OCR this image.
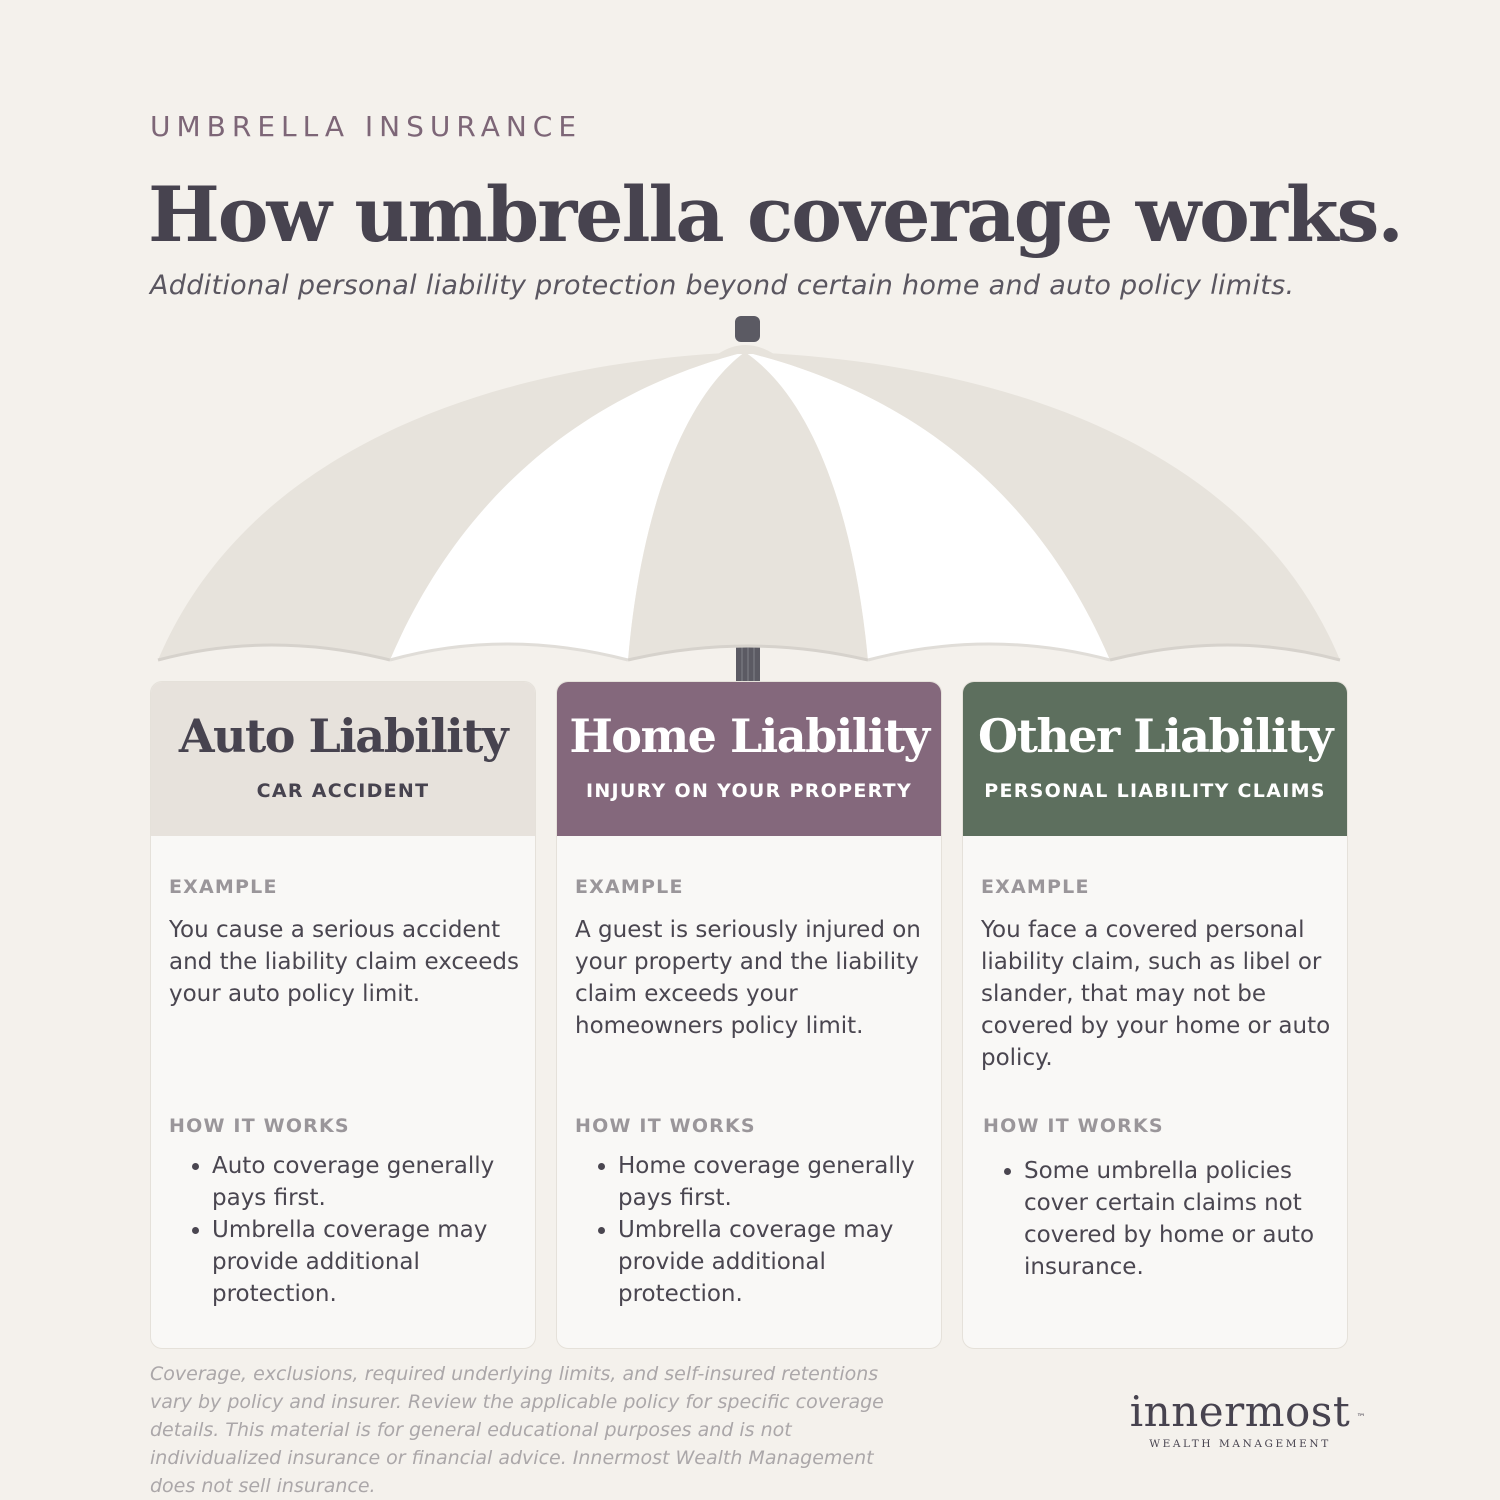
UMBRELLA INSURANCE
How umbrella coverage works.

Additional personal liability protection beyond certain home and auto policy limits.

Auto Liability
CAR ACCIDENT
EXAMPLE

You cause a serious accident and the liability claim exceeds your auto policy limit.

HOW IT WORKS
• Auto coverage generally pays first.
• Umbrella coverage may provide additional protection.
Home Liability
INJURY ON YOUR PROPERTY
EXAMPLE

A guest is seriously injured on your property and the liability claim exceeds your homeowners policy limit.

HOW IT WORKS
• Home coverage generally pays first.
• Umbrella coverage may provide additional protection.
Other Liability
PERSONAL LIABILITY CLAIMS
EXAMPLE

You face a covered personal liability claim, such as libel or slander, that may not be covered by your home or auto policy.

HOW IT WORKS
• Some umbrella policies cover certain claims not covered by home or auto insurance.

Coverage, exclusions, required underlying limits, and self-insured retentions vary by policy and insurer. Review the applicable policy for specific coverage details. This material is for general educational purposes and is not individualized insurance or financial advice. Innermost Wealth Management does not sell insurance.

innermost ™
WEALTH MANAGEMENT
